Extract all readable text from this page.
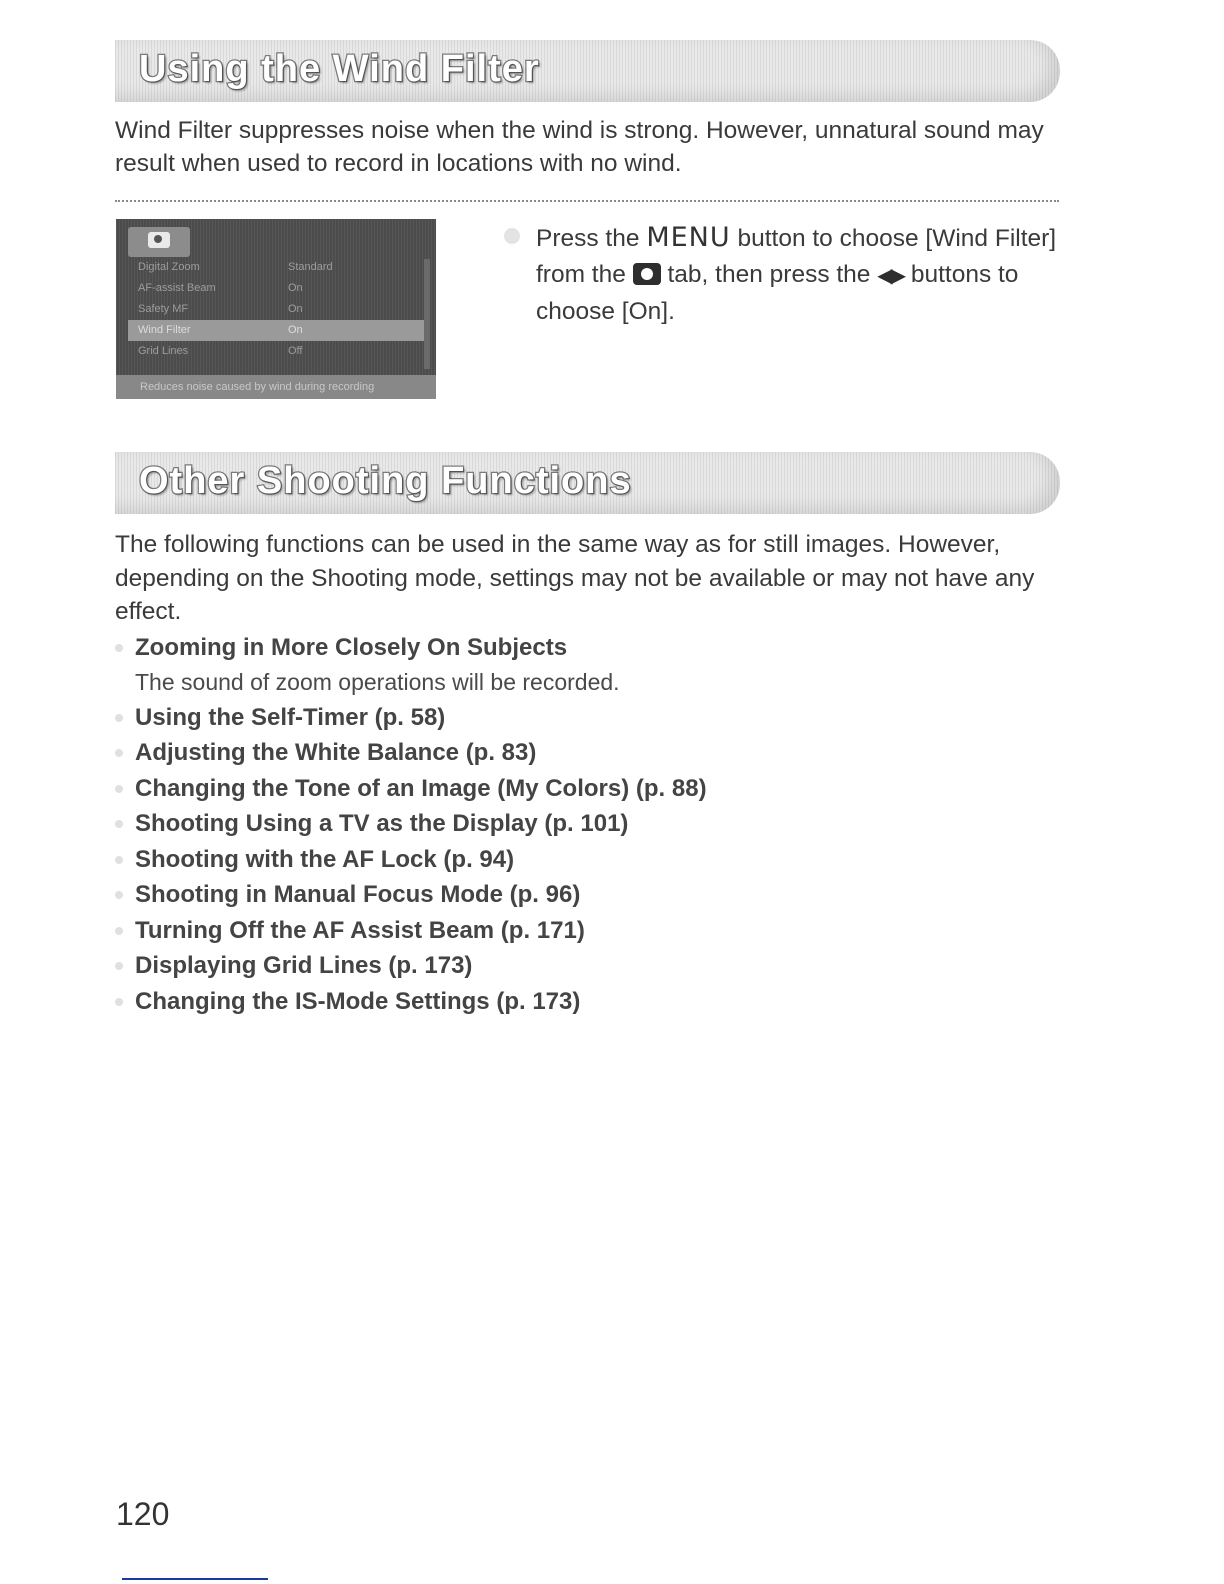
Using the Wind Filter

Wind Filter suppresses noise when the wind is strong. However, unnatural sound may result when used to record in locations with no wind.

Digital Zoom	Standard
AF-assist Beam	On
Safety MF	On
Wind Filter	On
Grid Lines	Off
Reduces noise caused by wind during recording

Press the MENU button to choose [Wind Filter] from the  tab, then press the ◀▶ buttons to choose [On].

Other Shooting Functions

The following functions can be used in the same way as for still images. However, depending on the Shooting mode, settings may not be available or may not have any effect.

Zooming in More Closely On Subjects
The sound of zoom operations will be recorded.
Using the Self-Timer (p. 58)
Adjusting the White Balance (p. 83)
Changing the Tone of an Image (My Colors) (p. 88)
Shooting Using a TV as the Display (p. 101)
Shooting with the AF Lock (p. 94)
Shooting in Manual Focus Mode (p. 96)
Turning Off the AF Assist Beam (p. 171)
Displaying Grid Lines (p. 173)
Changing the IS-Mode Settings (p. 173)
120
